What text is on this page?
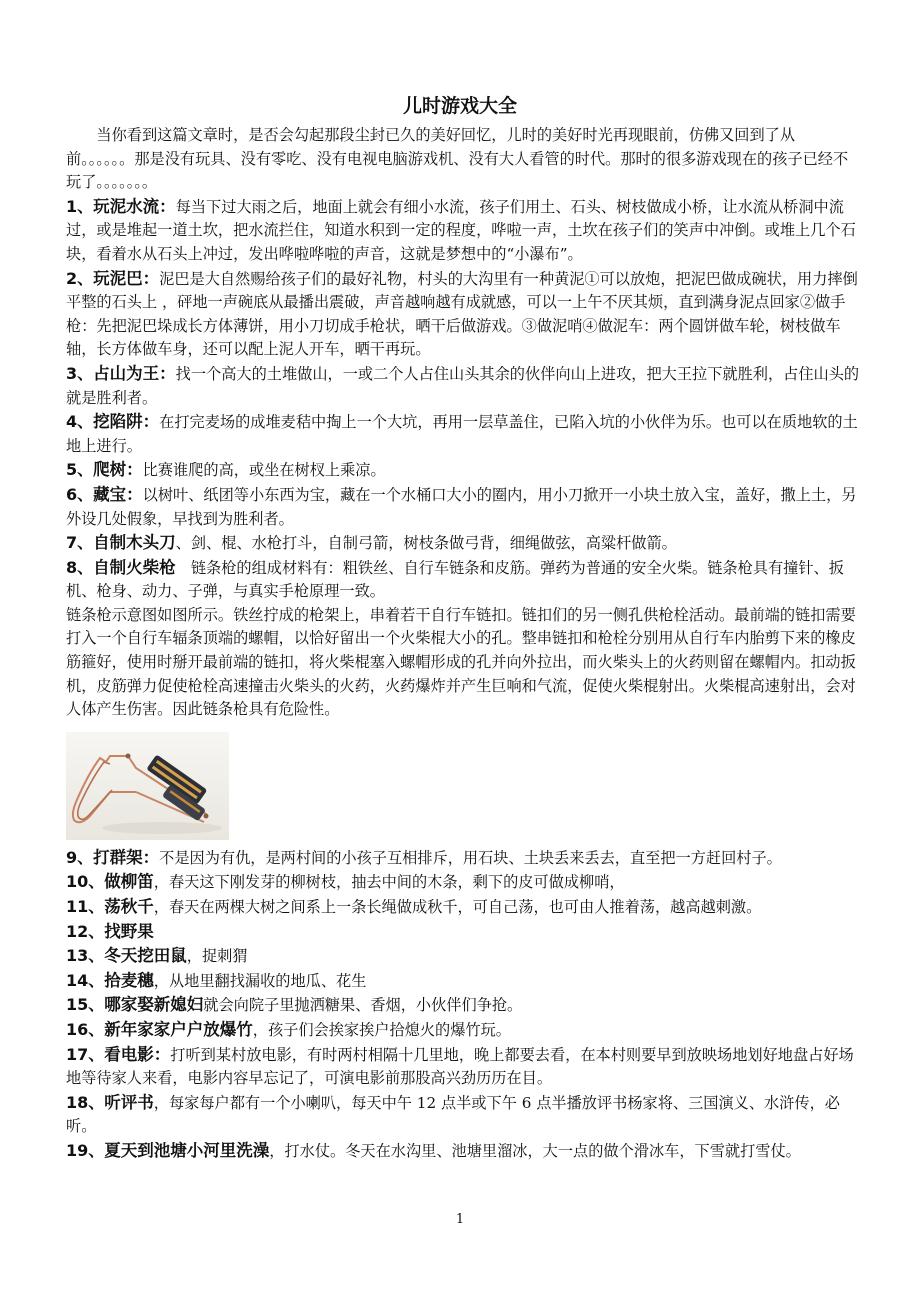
儿时游戏大全

当你看到这篇文章时，是否会勾起那段尘封已久的美好回忆，儿时的美好时光再现眼前，仿佛又回到了从前。。。。。。那是没有玩具、没有零吃、没有电视电脑游戏机、没有大人看管的时代。那时的很多游戏现在的孩子已经不玩了。。。。。。。

1、玩泥水流：每当下过大雨之后，地面上就会有细小水流，孩子们用土、石头、树枝做成小桥，让水流从桥洞中流过，或是堆起一道土坎，把水流拦住，知道水积到一定的程度，哗啦一声，土坎在孩子们的笑声中冲倒。或堆上几个石块，看着水从石头上冲过，发出哗啦哗啦的声音，这就是梦想中的“小瀑布”。

2、玩泥巴：泥巴是大自然赐给孩子们的最好礼物，村头的大沟里有一种黄泥①可以放炮，把泥巴做成碗状，用力摔倒平整的石头上 ，砰地一声碗底从最播出震破，声音越响越有成就感，可以一上午不厌其烦，直到满身泥点回家②做手枪：先把泥巴垛成长方体薄饼，用小刀切成手枪状，晒干后做游戏。③做泥哨④做泥车：两个圆饼做车轮，树枝做车轴，长方体做车身，还可以配上泥人开车，晒干再玩。

3、占山为王：找一个高大的土堆做山，一或二个人占住山头其余的伙伴向山上进攻，把大王拉下就胜利，占住山头的就是胜利者。

4、挖陷阱：在打完麦场的成堆麦秸中掏上一个大坑，再用一层草盖住，已陷入坑的小伙伴为乐。也可以在质地软的土地上进行。

5、爬树：比赛谁爬的高，或坐在树杈上乘凉。

6、藏宝：以树叶、纸团等小东西为宝，藏在一个水桶口大小的圈内，用小刀掀开一小块土放入宝，盖好，撒上土，另外设几处假象，早找到为胜利者。

7、自制木头刀、剑、棍、水枪打斗，自制弓箭，树枝条做弓背，细绳做弦，高粱杆做箭。

8、自制火柴枪　链条枪的组成材料有：粗铁丝、自行车链条和皮筋。弹药为普通的安全火柴。链条枪具有撞针、扳机、枪身、动力、子弹，与真实手枪原理一致。

链条枪示意图如图所示。铁丝拧成的枪架上，串着若干自行车链扣。链扣们的另一侧孔供枪栓活动。最前端的链扣需要打入一个自行车辐条顶端的螺帽，以恰好留出一个火柴棍大小的孔。整串链扣和枪栓分别用从自行车内胎剪下来的橡皮筋箍好，使用时掰开最前端的链扣，将火柴棍塞入螺帽形成的孔并向外拉出，而火柴头上的火药则留在螺帽内。扣动扳机，皮筋弹力促使枪栓高速撞击火柴头的火药，火药爆炸并产生巨响和气流，促使火柴棍射出。火柴棍高速射出，会对人体产生伤害。因此链条枪具有危险性。

9、打群架：不是因为有仇，是两村间的小孩子互相排斥，用石块、土块丢来丢去，直至把一方赶回村子。

10、做柳笛，春天这下刚发芽的柳树枝，抽去中间的木条，剩下的皮可做成柳哨，

11、荡秋千，春天在两棵大树之间系上一条长绳做成秋千，可自己荡，也可由人推着荡，越高越刺激。

12、找野果

13、冬天挖田鼠，捉刺猬

14、拾麦穗，从地里翻找漏收的地瓜、花生

15、哪家娶新媳妇就会向院子里抛洒糖果、香烟，小伙伴们争抢。

16、新年家家户户放爆竹，孩子们会挨家挨户拾熄火的爆竹玩。

17、看电影：打听到某村放电影，有时两村相隔十几里地，晚上都要去看，在本村则要早到放映场地划好地盘占好场地等待家人来看，电影内容早忘记了，可演电影前那股高兴劲历历在目。

18、听评书，每家每户都有一个小喇叭，每天中午 12 点半或下午 6 点半播放评书杨家将、三国演义、水浒传，必听。

19、夏天到池塘小河里洗澡，打水仗。冬天在水沟里、池塘里溜冰，大一点的做个滑冰车，下雪就打雪仗。

1
